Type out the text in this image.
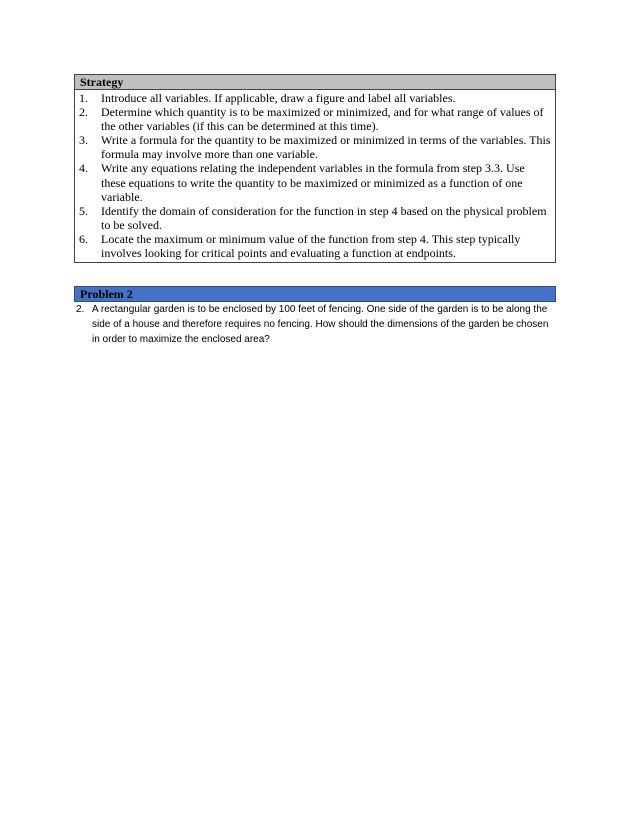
Strategy
1.	Introduce all variables. If applicable, draw a figure and label all variables.
2.	Determine which quantity is to be maximized or minimized, and for what range of values of the other variables (if this can be determined at this time).
3.	Write a formula for the quantity to be maximized or minimized in terms of the variables. This formula may involve more than one variable.
4.	Write any equations relating the independent variables in the formula from step 3.3. Use these equations to write the quantity to be maximized or minimized as a function of one variable.
5.	Identify the domain of consideration for the function in step 4 based on the physical problem to be solved.
6.	Locate the maximum or minimum value of the function from step 4. This step typically involves looking for critical points and evaluating a function at endpoints.
Problem 2
2. A rectangular garden is to be enclosed by 100 feet of fencing. One side of the garden is to be along the side of a house and therefore requires no fencing. How should the dimensions of the garden be chosen in order to maximize the enclosed area?
